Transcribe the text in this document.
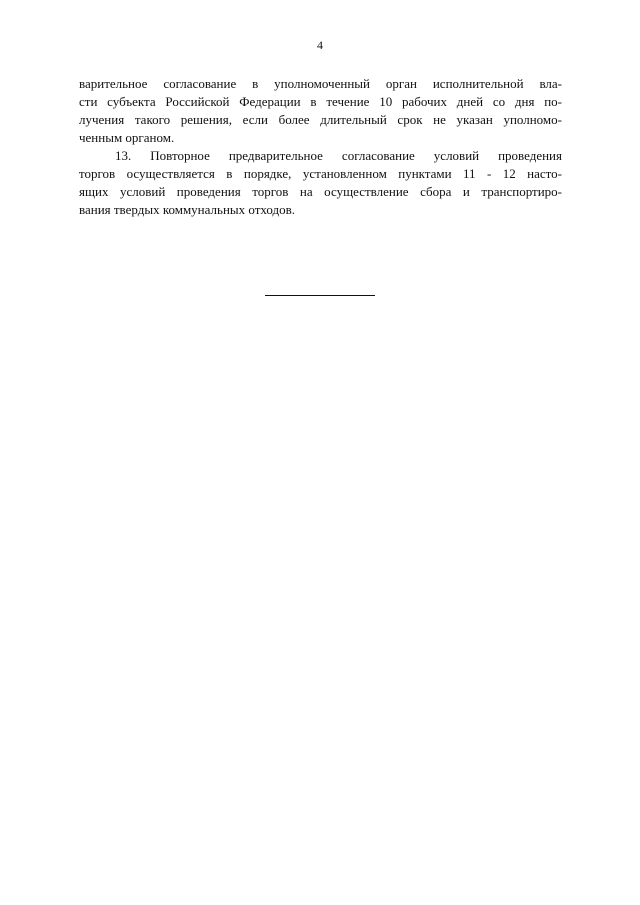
4

варительное согласование в уполномоченный орган исполнительной вла-
сти субъекта Российской Федерации в течение 10 рабочих дней со дня по-
лучения такого решения, если более длительный срок не указан уполномо-
ченным органом.

13. Повторное предварительное согласование условий проведения
торгов осуществляется в порядке, установленном пунктами 11 - 12 насто-
ящих условий проведения торгов на осуществление сбора и транспортиро-
вания твердых коммунальных отходов.
